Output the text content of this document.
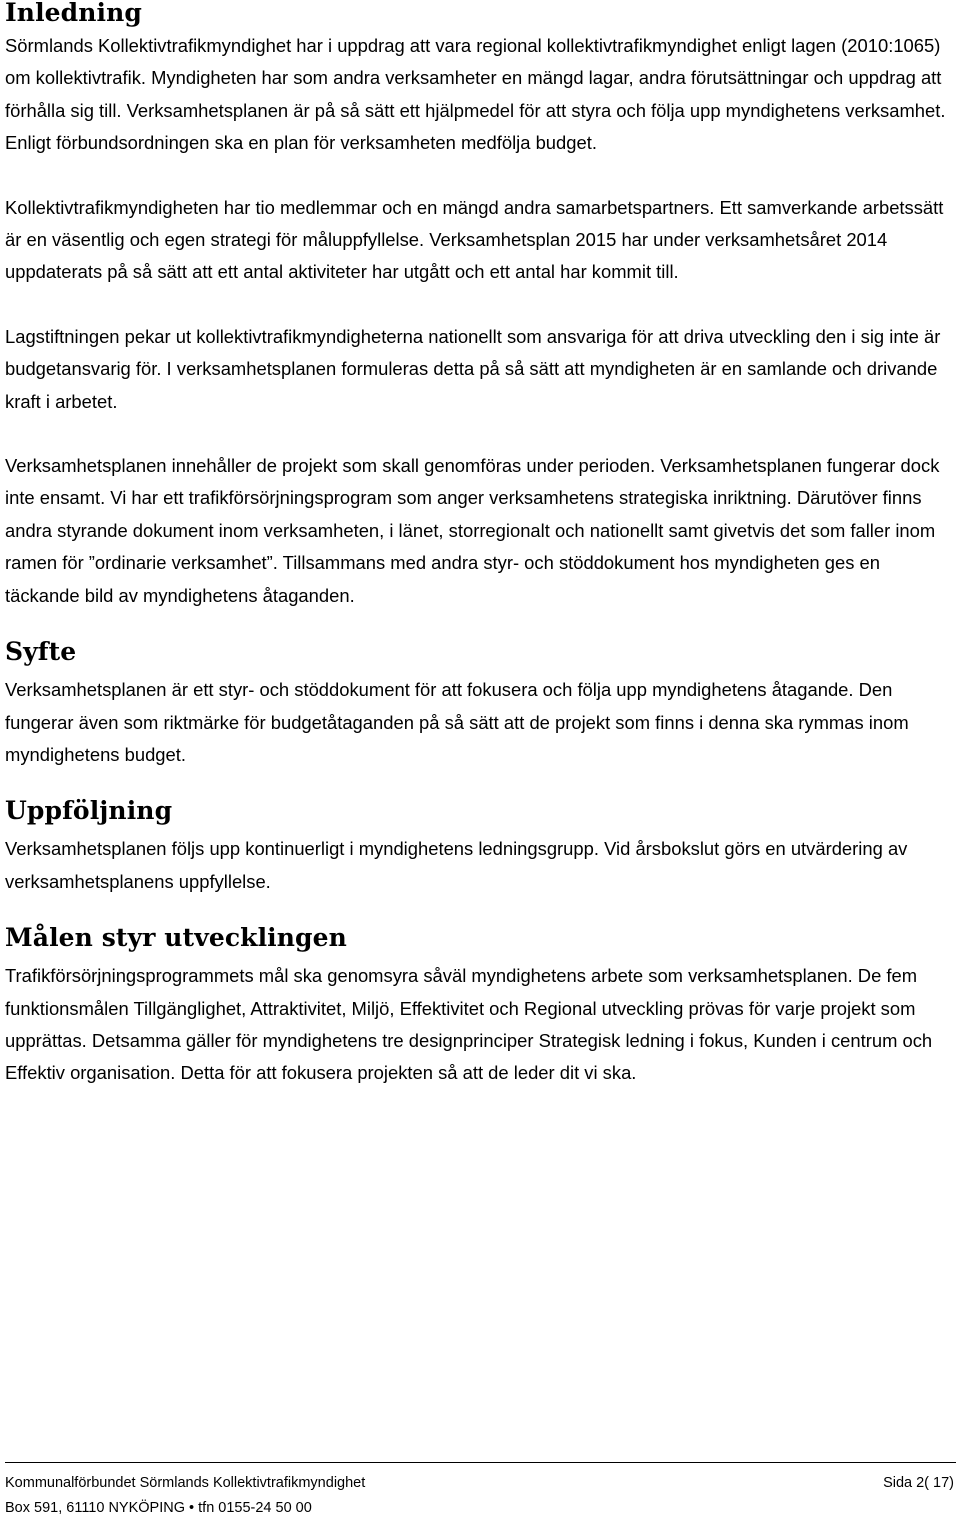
Inledning

Sörmlands Kollektivtrafikmyndighet har i uppdrag att vara regional kollektivtrafikmyndighet enligt lagen (2010:1065) om kollektivtrafik. Myndigheten har som andra verksamheter en mängd lagar, andra förutsättningar och uppdrag att förhålla sig till. Verksamhetsplanen är på så sätt ett hjälpmedel för att styra och följa upp myndighetens verksamhet. Enligt förbundsordningen ska en plan för verksamheten medfölja budget.

Kollektivtrafikmyndigheten har tio medlemmar och en mängd andra samarbetspartners. Ett samverkande arbetssätt är en väsentlig och egen strategi för måluppfyllelse. Verksamhetsplan 2015 har under verksamhetsåret 2014 uppdaterats på så sätt att ett antal aktiviteter har utgått och ett antal har kommit till.

Lagstiftningen pekar ut kollektivtrafikmyndigheterna nationellt som ansvariga för att driva utveckling den i sig inte är budgetansvarig för. I verksamhetsplanen formuleras detta på så sätt att myndigheten är en samlande och drivande kraft i arbetet.

Verksamhetsplanen innehåller de projekt som skall genomföras under perioden. Verksamhetsplanen fungerar dock inte ensamt. Vi har ett trafikförsörjningsprogram som anger verksamhetens strategiska inriktning. Därutöver finns andra styrande dokument inom verksamheten, i länet, storregionalt och nationellt samt givetvis det som faller inom ramen för ”ordinarie verksamhet”. Tillsammans med andra styr- och stöddokument hos myndigheten ges en täckande bild av myndighetens åtaganden.

Syfte

Verksamhetsplanen är ett styr- och stöddokument för att fokusera och följa upp myndighetens åtagande. Den fungerar även som riktmärke för budgetåtaganden på så sätt att de projekt som finns i denna ska rymmas inom myndighetens budget.

Uppföljning

Verksamhetsplanen följs upp kontinuerligt i myndighetens ledningsgrupp. Vid årsbokslut görs en utvärdering av verksamhetsplanens uppfyllelse.

Målen styr utvecklingen

Trafikförsörjningsprogrammets mål ska genomsyra såväl myndighetens arbete som verksamhetsplanen. De fem funktionsmålen Tillgänglighet, Attraktivitet, Miljö, Effektivitet och Regional utveckling prövas för varje projekt som upprättas. Detsamma gäller för myndighetens tre designprinciper Strategisk ledning i fokus, Kunden i centrum och Effektiv organisation. Detta för att fokusera projekten så att de leder dit vi ska.

Kommunalförbundet Sörmlands Kollektivtrafikmyndighet	Sida 2( 17)
Box 591, 61110 NYKÖPING • tfn 0155-24 50 00
